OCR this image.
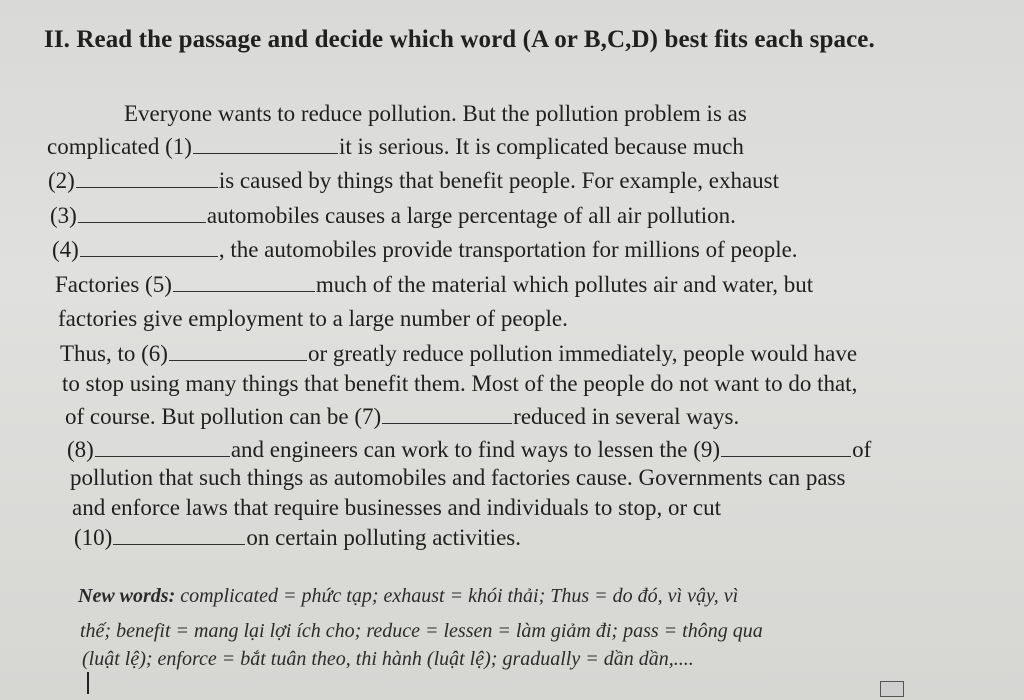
II. Read the passage and decide which word (A or B,C,D) best fits each space.
Everyone wants to reduce pollution. But the pollution problem is as
complicated (1)	it is serious. It is complicated because much
(2)	is caused by things that benefit people. For example, exhaust
(3)	automobiles causes a large percentage of all air pollution.
(4)	, the automobiles provide transportation for millions of people.
Factories (5)	much of the material which pollutes air and water, but
factories give employment to a large number of people.
Thus, to (6)	or greatly reduce pollution immediately, people would have
to stop using many things that benefit them. Most of the people do not want to do that,
of course. But pollution can be (7)	reduced in several ways.
(8)	and engineers can work to find ways to lessen the (9)	of
pollution that such things as automobiles and factories cause. Governments can pass
and enforce laws that require businesses and individuals to stop, or cut
(10)	on certain polluting activities.
New words: complicated = phức tạp; exhaust = khói thải; Thus = do đó, vì vậy, vì
thế; benefit = mang lại lợi ích cho; reduce = lessen = làm giảm đi; pass = thông qua
(luật lệ); enforce = bắt tuân theo, thi hành (luật lệ); gradually = dần dần,....
